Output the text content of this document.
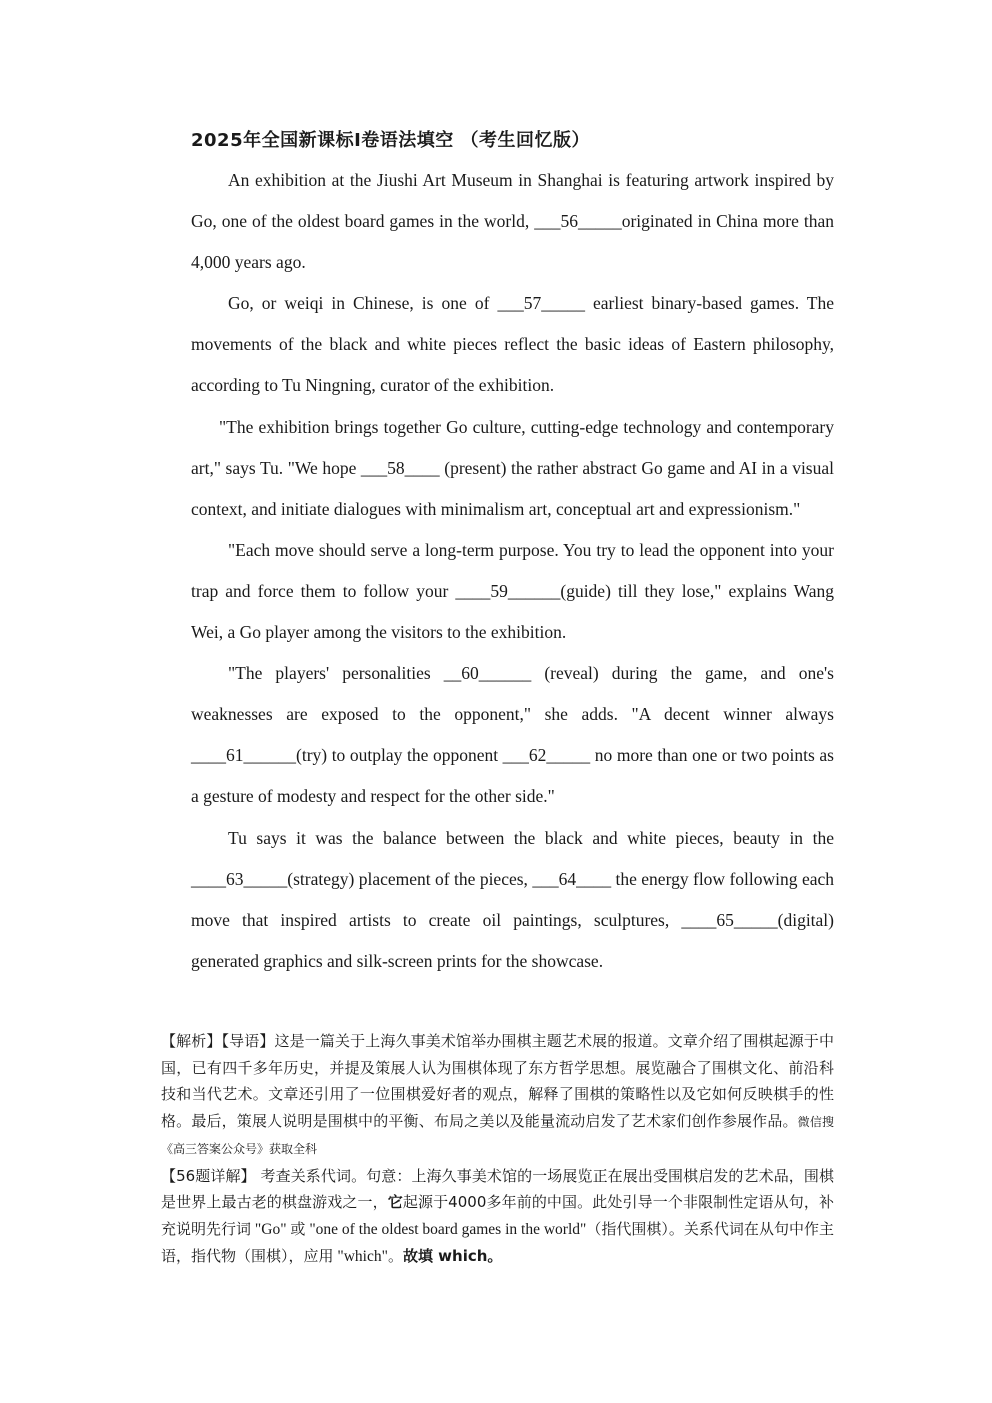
2025年全国新课标I卷语法填空 （考生回忆版）

An exhibition at the Jiushi Art Museum in Shanghai is featuring artwork inspired by Go, one of the oldest board games in the world, ___56_____originated in China more than 4,000 years ago.

Go, or weiqi in Chinese, is one of ___57_____ earliest binary-based games. The movements of the black and white pieces reflect the basic ideas of Eastern philosophy, according to Tu Ningning, curator of the exhibition.

"The exhibition brings together Go culture, cutting-edge technology and contemporary art," says Tu. "We hope ___58____ (present) the rather abstract Go game and AI in a visual context, and initiate dialogues with minimalism art, conceptual art and expressionism."

"Each move should serve a long-term purpose. You try to lead the opponent into your trap and force them to follow your ____59______(guide) till they lose," explains Wang Wei, a Go player among the visitors to the exhibition.

"The players' personalities __60______ (reveal) during the game, and one's weaknesses are exposed to the opponent," she adds. "A decent winner always ____61______(try) to outplay the opponent ___62_____ no more than one or two points as a gesture of modesty and respect for the other side."

Tu says it was the balance between the black and white pieces, beauty in the ____63_____(strategy) placement of the pieces, ___64____ the energy flow following each move that inspired artists to create oil paintings, sculptures, ____65_____(digital) generated graphics and silk-screen prints for the showcase.

【解析】【导语】这是一篇关于上海久事美术馆举办围棋主题艺术展的报道。文章介绍了围棋起源于中国，已有四千多年历史，并提及策展人认为围棋体现了东方哲学思想。展览融合了围棋文化、前沿科技和当代艺术。文章还引用了一位围棋爱好者的观点，解释了围棋的策略性以及它如何反映棋手的性格。最后，策展人说明是围棋中的平衡、布局之美以及能量流动启发了艺术家们创作参展作品。微信搜《高三答案公众号》获取全科

【56题详解】 考查关系代词。句意：上海久事美术馆的一场展览正在展出受围棋启发的艺术品，围棋是世界上最古老的棋盘游戏之一，它起源于4000多年前的中国。此处引导一个非限制性定语从句，补充说明先行词 "Go" 或 "one of the oldest board games in the world"（指代围棋）。关系代词在从句中作主语，指代物（围棋），应用 "which"。故填 which。
